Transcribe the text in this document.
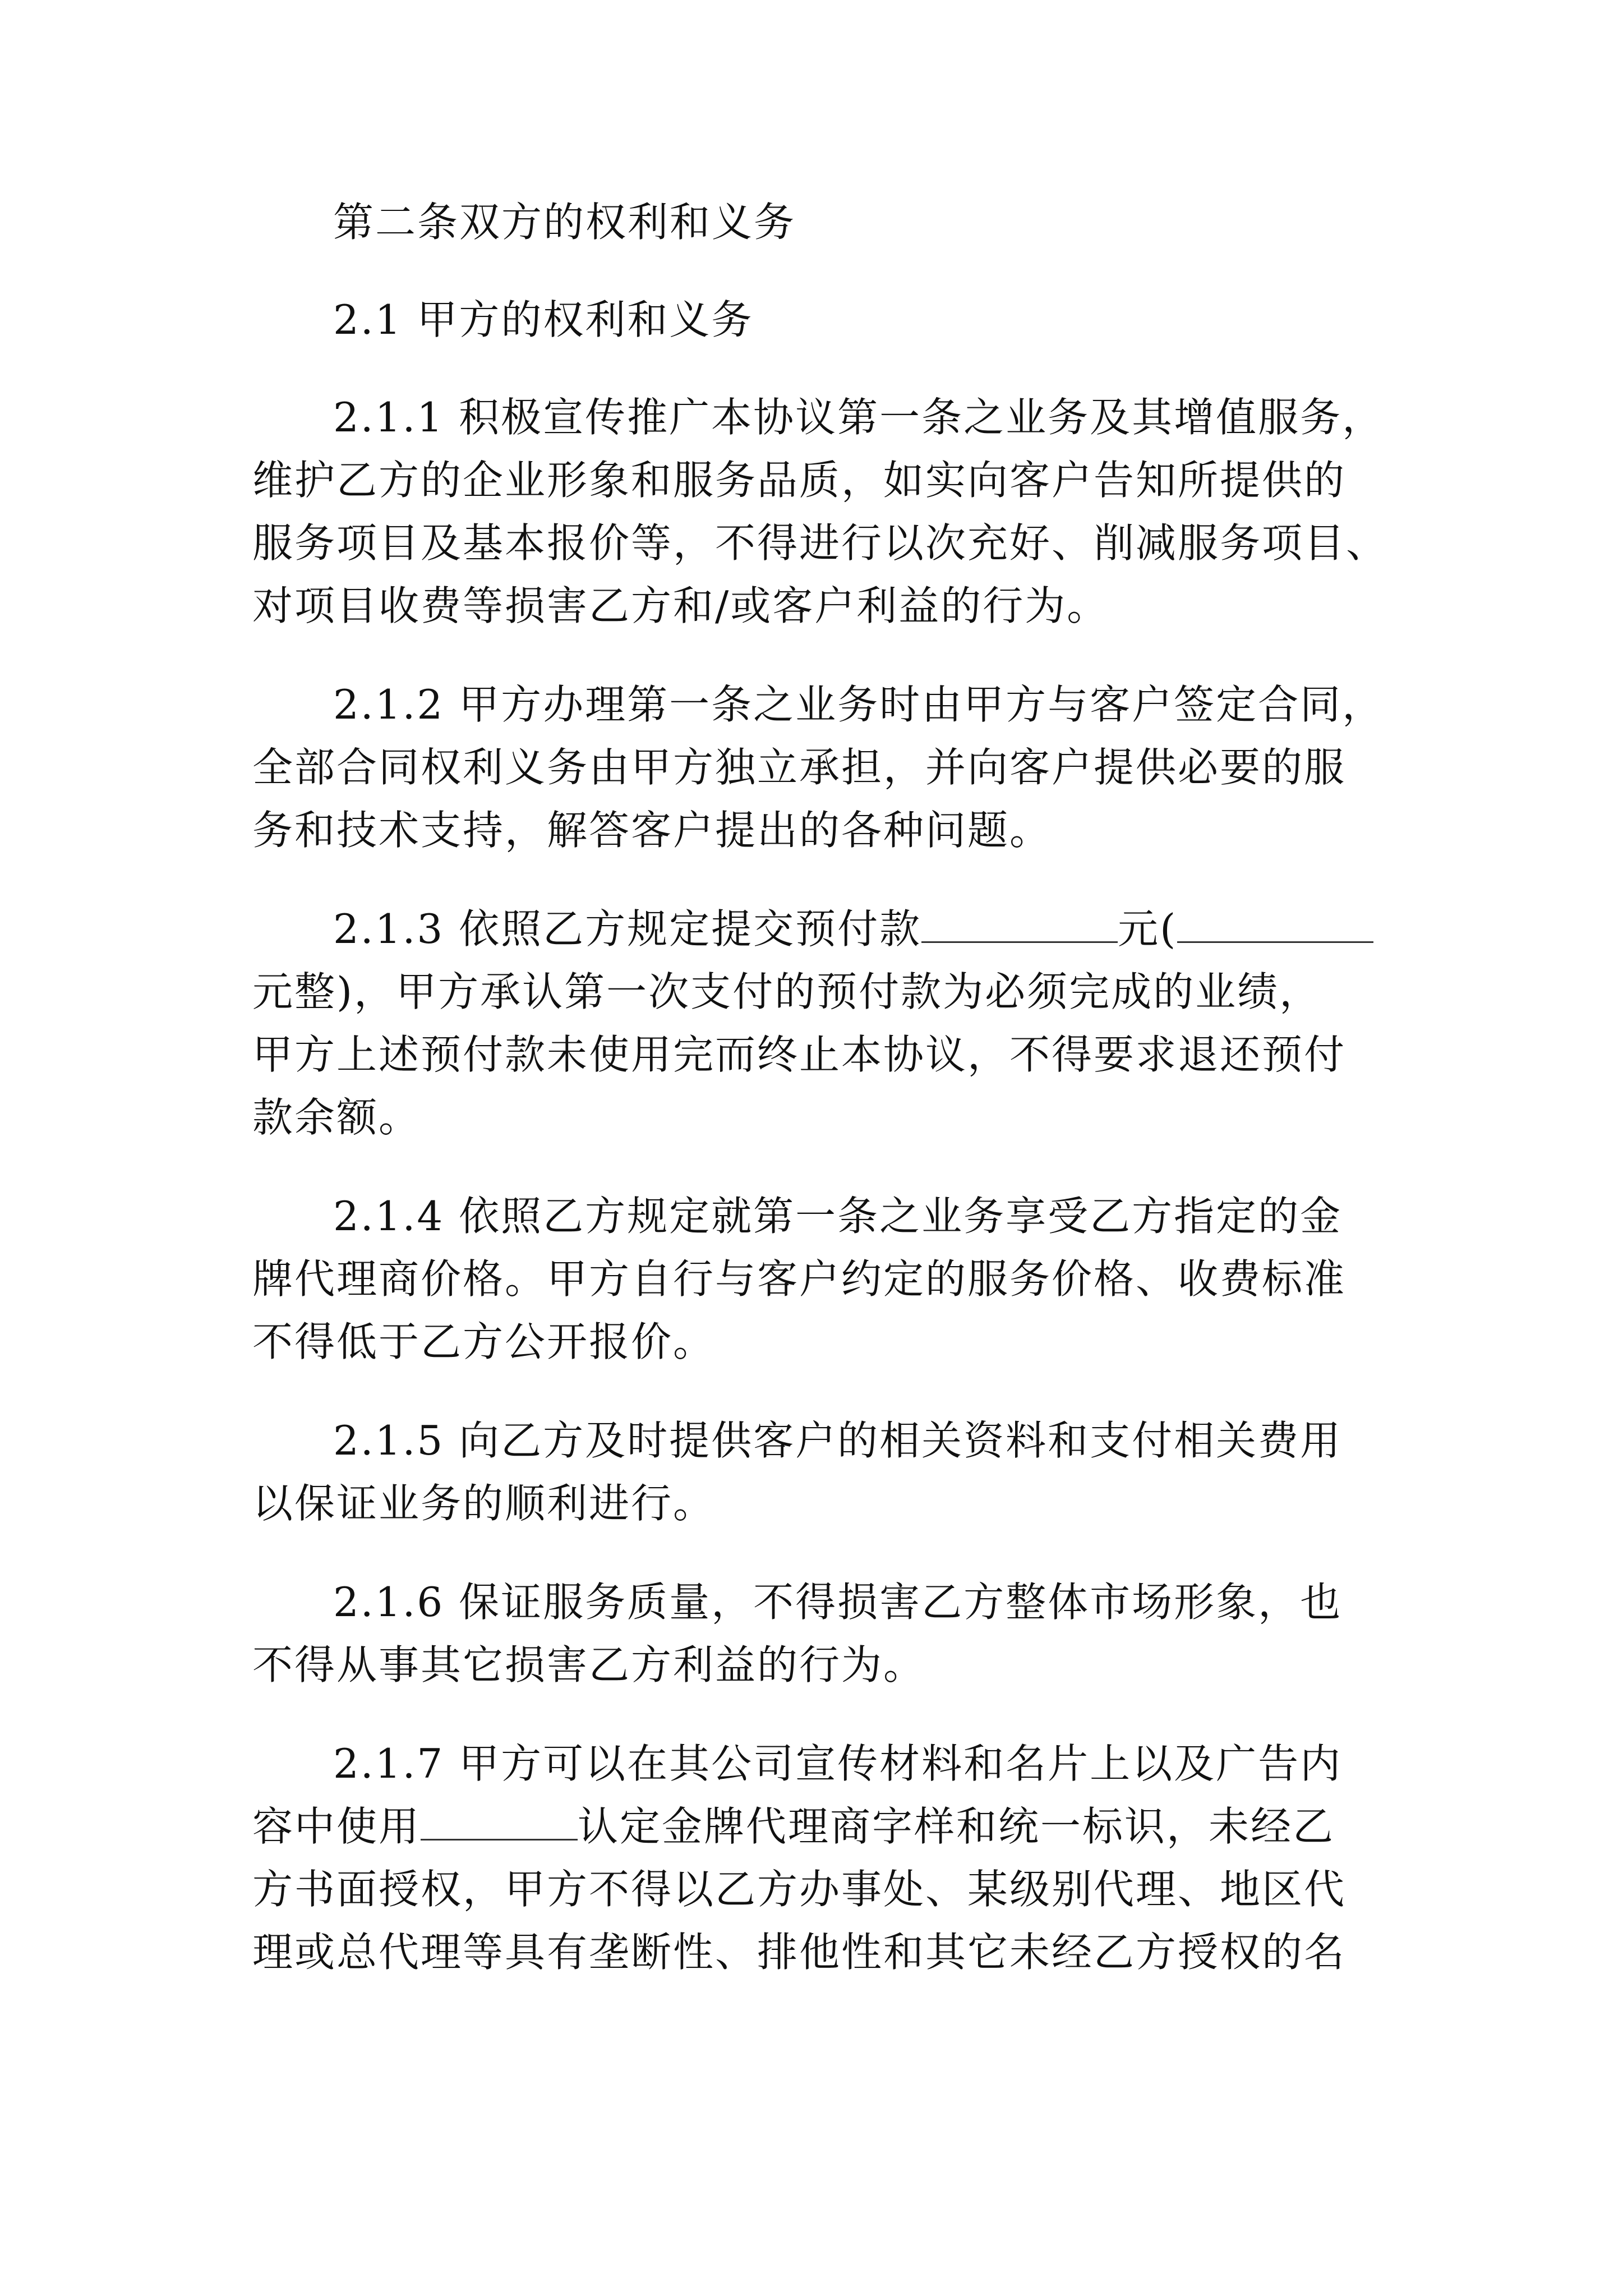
第二条双方的权利和义务
2.1 甲方的权利和义务
2.1.1 积极宣传推广本协议第一条之业务及其增值服务，
维护乙方的企业形象和服务品质，如实向客户告知所提供的
服务项目及基本报价等，不得进行以次充好、削减服务项目、
对项目收费等损害乙方和/或客户利益的行为。
2.1.2 甲方办理第一条之业务时由甲方与客户签定合同，
全部合同权利义务由甲方独立承担，并向客户提供必要的服
务和技术支持，解答客户提出的各种问题。
2.1.3 依照乙方规定提交预付款	元(
元整)，甲方承认第一次支付的预付款为必须完成的业绩，
甲方上述预付款未使用完而终止本协议，不得要求退还预付
款余额。
2.1.4 依照乙方规定就第一条之业务享受乙方指定的金
牌代理商价格。甲方自行与客户约定的服务价格、收费标准
不得低于乙方公开报价。
2.1.5 向乙方及时提供客户的相关资料和支付相关费用
以保证业务的顺利进行。
2.1.6 保证服务质量，不得损害乙方整体市场形象，也
不得从事其它损害乙方利益的行为。
2.1.7 甲方可以在其公司宣传材料和名片上以及广告内
容中使用	认定金牌代理商字样和统一标识，未经乙
方书面授权，甲方不得以乙方办事处、某级别代理、地区代
理或总代理等具有垄断性、排他性和其它未经乙方授权的名
